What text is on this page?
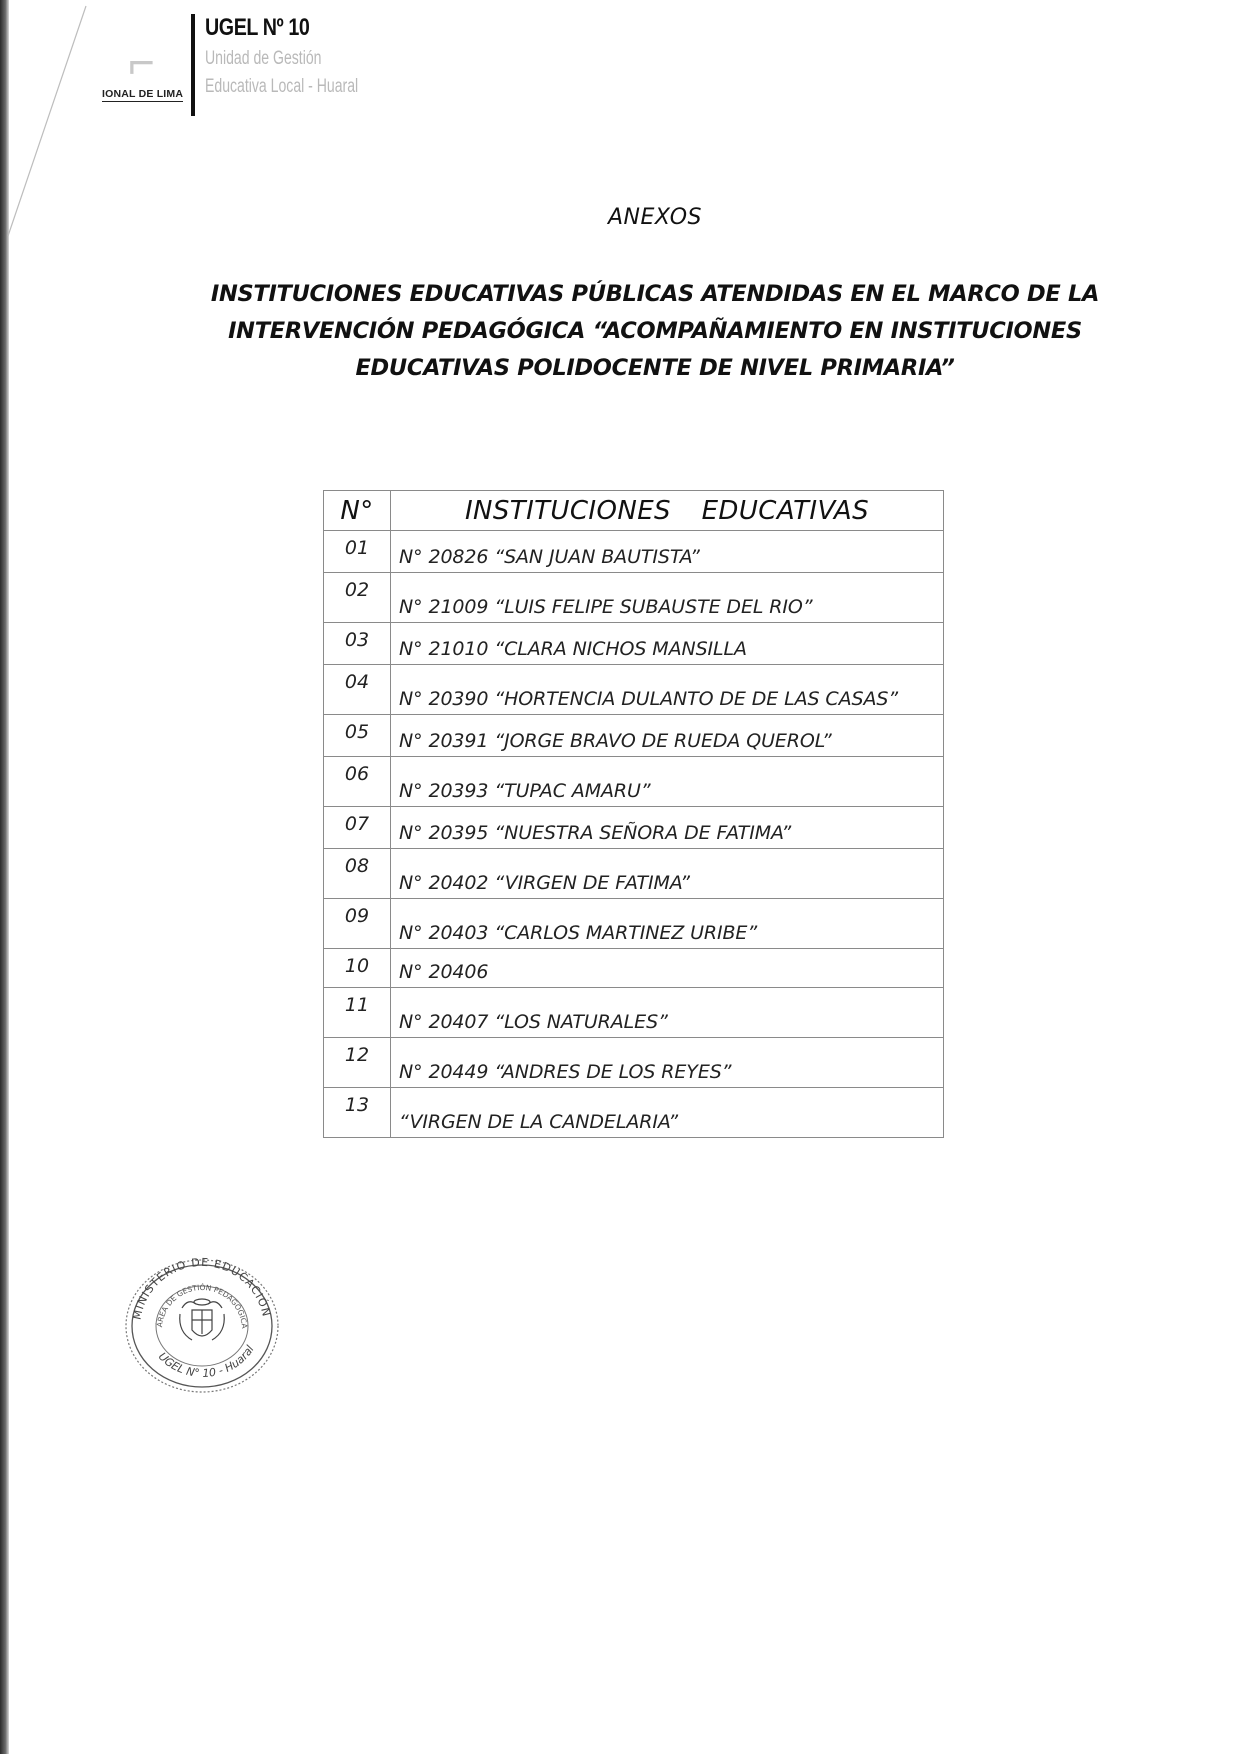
⌐
IONAL DE LIMA
UGEL Nº 10
Unidad de Gestión
Educativa Local - Huaral
ANEXOS
INSTITUCIONES EDUCATIVAS PÚBLICAS ATENDIDAS EN EL MARCO DE LA
INTERVENCIÓN PEDAGÓGICA “ACOMPAÑAMIENTO EN INSTITUCIONES
EDUCATIVAS POLIDOCENTE DE NIVEL PRIMARIA”
N°	INSTITUCIONES EDUCATIVAS
01	N° 20826 “SAN JUAN BAUTISTA”
02	N° 21009 “LUIS FELIPE SUBAUSTE DEL RIO”
03	N° 21010 “CLARA NICHOS MANSILLA
04	N° 20390 “HORTENCIA DULANTO DE DE LAS CASAS”
05	N° 20391 “JORGE BRAVO DE RUEDA QUEROL”
06	N° 20393 “TUPAC AMARU”
07	N° 20395 “NUESTRA SEÑORA DE FATIMA”
08	N° 20402 “VIRGEN DE FATIMA”
09	N° 20403 “CARLOS MARTINEZ URIBE”
10	N° 20406
11	N° 20407 “LOS NATURALES”
12	N° 20449 “ANDRES DE LOS REYES”
13	“VIRGEN DE LA CANDELARIA”
MINISTERIO DE EDUCACIÓN
ÁREA DE GESTIÓN PEDAGÓGICA
UGEL N° 10 - Huaral
